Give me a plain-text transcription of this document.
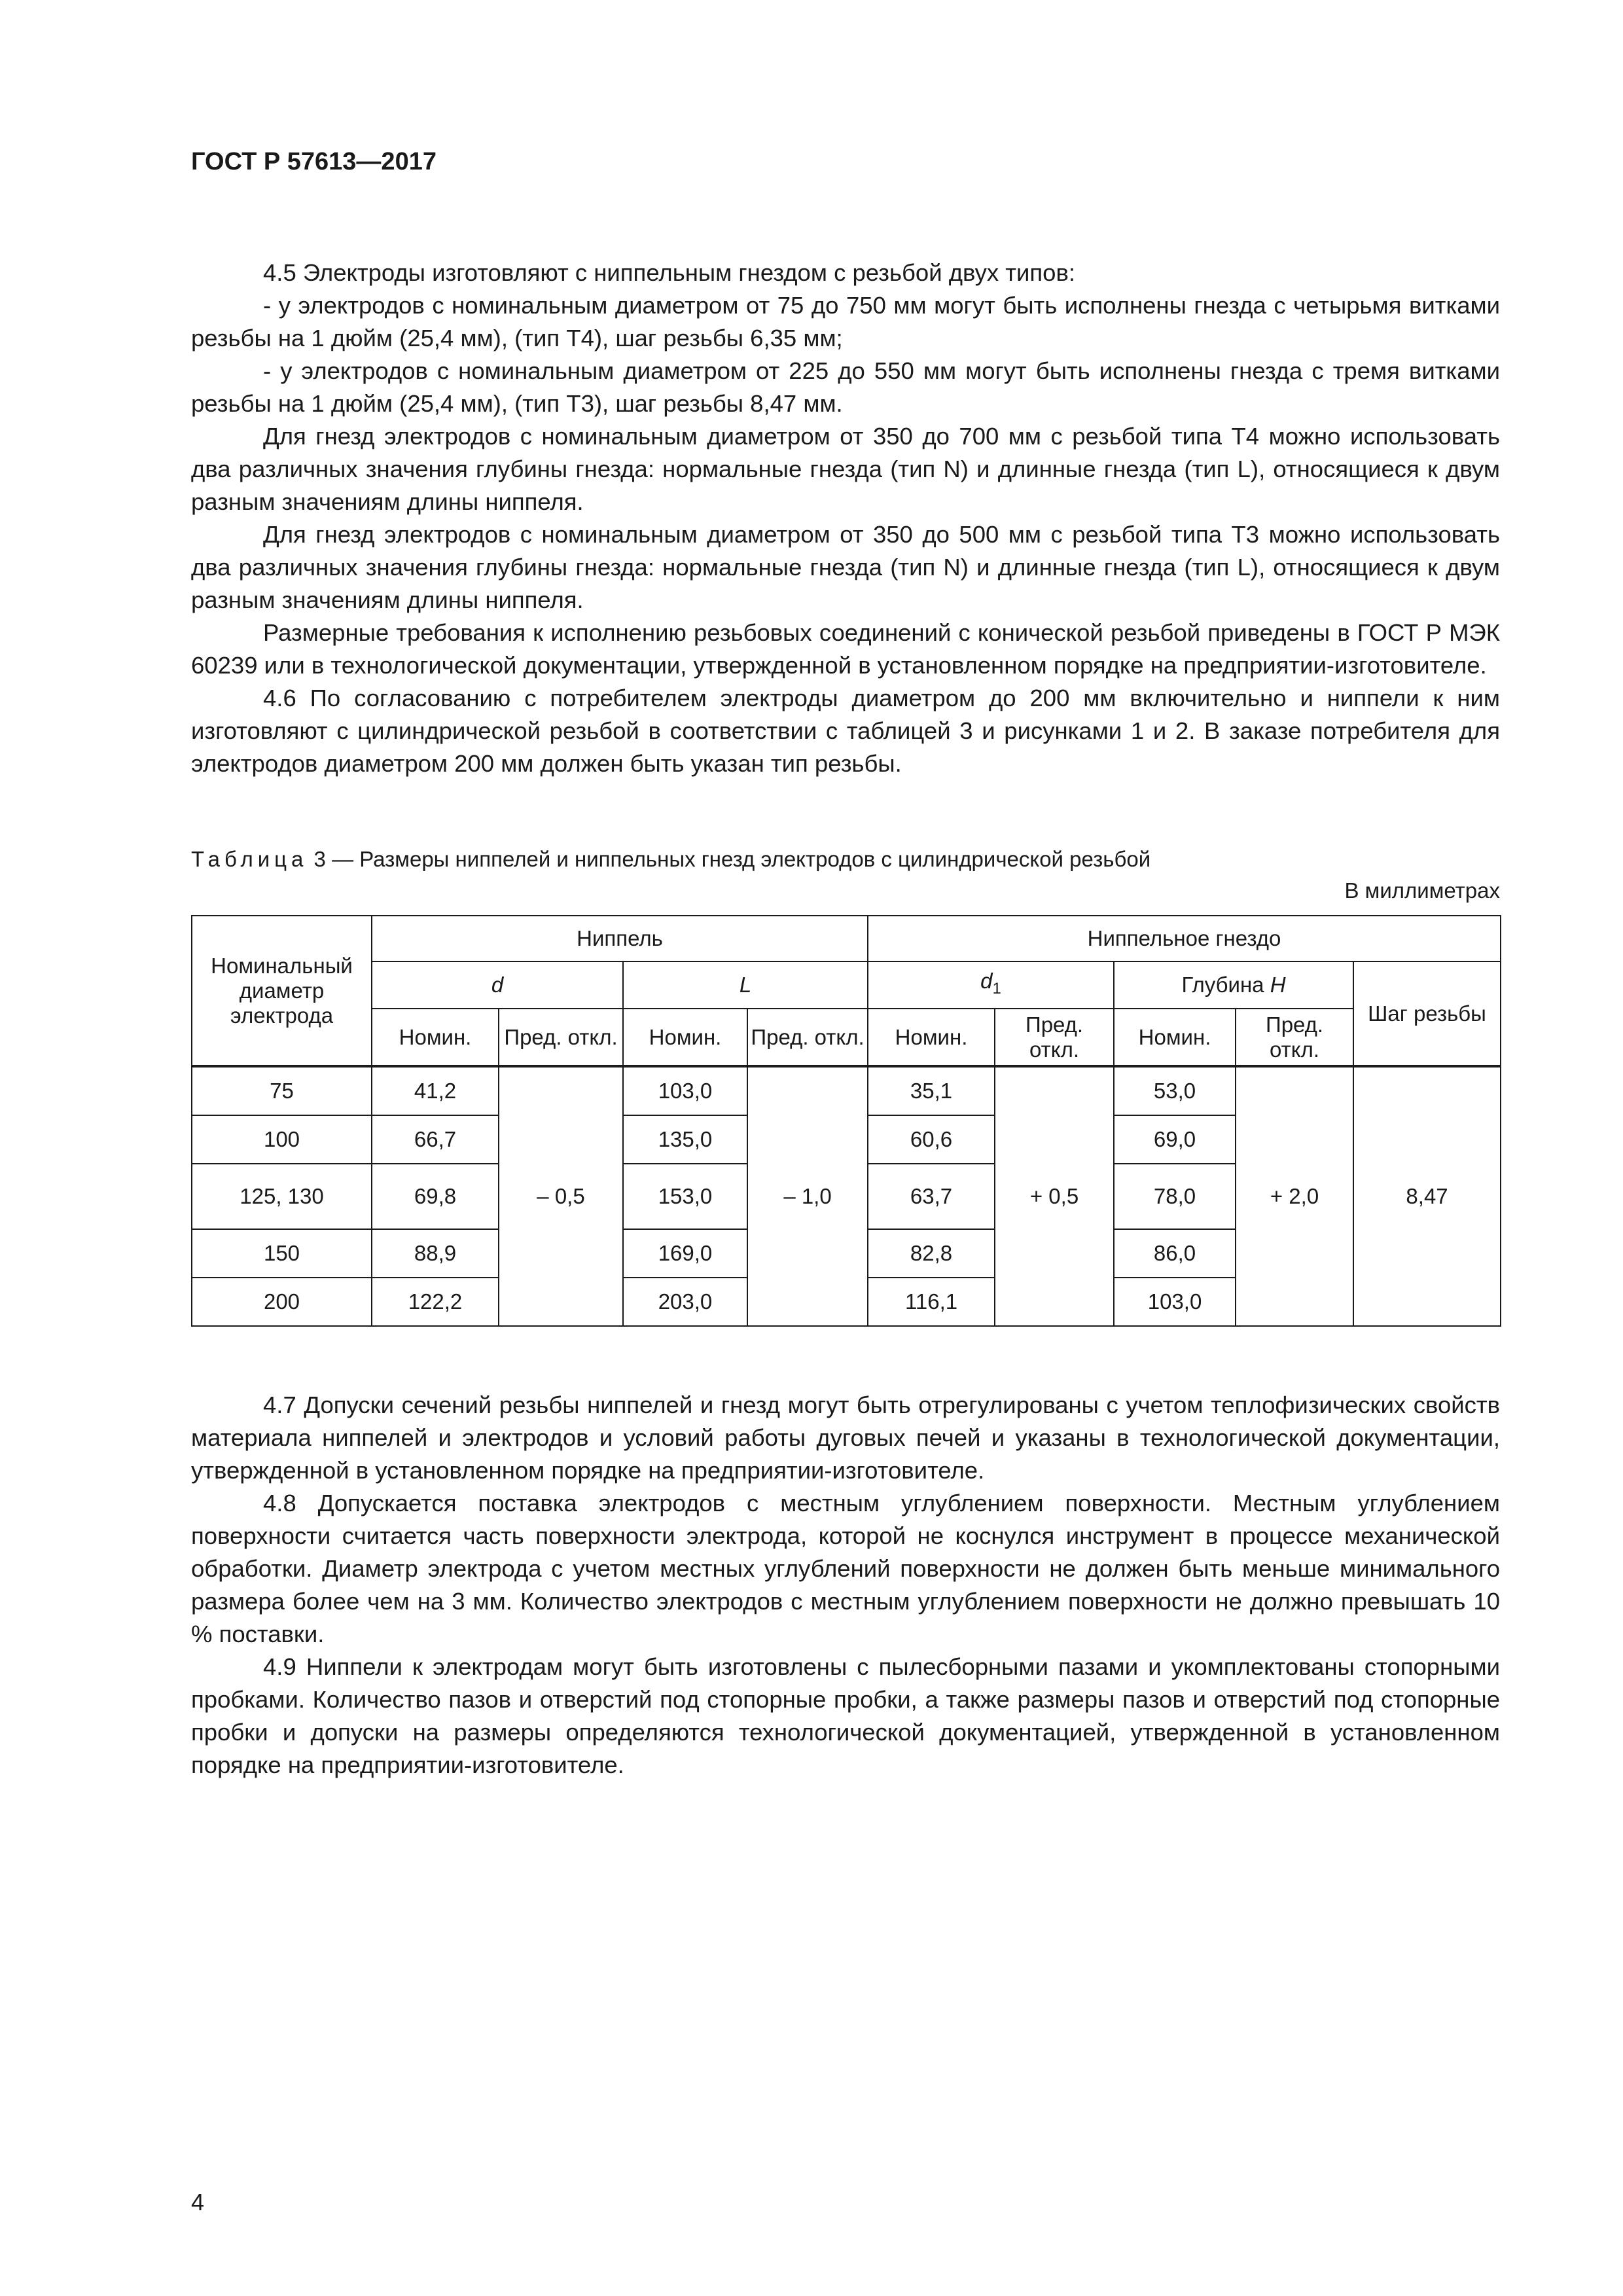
ГОСТ Р 57613—2017

4.5 Электроды изготовляют с ниппельным гнездом с резьбой двух типов:

- у электродов с номинальным диаметром от 75 до 750 мм могут быть исполнены гнезда с четырьмя витками резьбы на 1 дюйм (25,4 мм), (тип T4), шаг резьбы 6,35 мм;

- у электродов с номинальным диаметром от 225 до 550 мм могут быть исполнены гнезда с тремя витками резьбы на 1 дюйм (25,4 мм), (тип T3), шаг резьбы 8,47 мм.

Для гнезд электродов с номинальным диаметром от 350 до 700 мм с резьбой типа T4 можно использовать два различных значения глубины гнезда: нормальные гнезда (тип N) и длинные гнезда (тип L), относящиеся к двум разным значениям длины ниппеля.

Для гнезд электродов с номинальным диаметром от 350 до 500 мм с резьбой типа T3 можно использовать два различных значения глубины гнезда: нормальные гнезда (тип N) и длинные гнезда (тип L), относящиеся к двум разным значениям длины ниппеля.

Размерные требования к исполнению резьбовых соединений с конической резьбой приведены в ГОСТ Р МЭК 60239 или в технологической документации, утвержденной в установленном порядке на предприятии-изготовителе.

4.6 По согласованию с потребителем электроды диаметром до 200 мм включительно и ниппели к ним изготовляют с цилиндрической резьбой в соответствии с таблицей 3 и рисунками 1 и 2. В заказе потребителя для электродов диаметром 200 мм должен быть указан тип резьбы.

Таблица 3 — Размеры ниппелей и ниппельных гнезд электродов с цилиндрической резьбой
В миллиметрах
Номинальный диаметр электрода	Ниппель				Ниппельное гнездо				
	d		L		$d_1$		Глубина H		Шаг резьбы
	Номин.	Пред. откл.	Номин.	Пред. откл.	Номин.	Пред. откл.	Номин.	Пред. откл.	
75	41,2	– 0,5	103,0	– 1,0	35,1	+ 0,5	53,0	+ 2,0	8,47
100	66,7		135,0		60,6		69,0		
125, 130	69,8		153,0		63,7		78,0		
150	88,9		169,0		82,8		86,0		
200	122,2		203,0		116,1		103,0		

4.7 Допуски сечений резьбы ниппелей и гнезд могут быть отрегулированы с учетом теплофизических свойств материала ниппелей и электродов и условий работы дуговых печей и указаны в технологической документации, утвержденной в установленном порядке на предприятии-изготовителе.

4.8 Допускается поставка электродов с местным углублением поверхности. Местным углублением поверхности считается часть поверхности электрода, которой не коснулся инструмент в процессе механической обработки. Диаметр электрода с учетом местных углублений поверхности не должен быть меньше минимального размера более чем на 3 мм. Количество электродов с местным углублением поверхности не должно превышать 10 % поставки.

4.9 Ниппели к электродам могут быть изготовлены с пылесборными пазами и укомплектованы стопорными пробками. Количество пазов и отверстий под стопорные пробки, а также размеры пазов и отверстий под стопорные пробки и допуски на размеры определяются технологической документацией, утвержденной в установленном порядке на предприятии-изготовителе.

4
